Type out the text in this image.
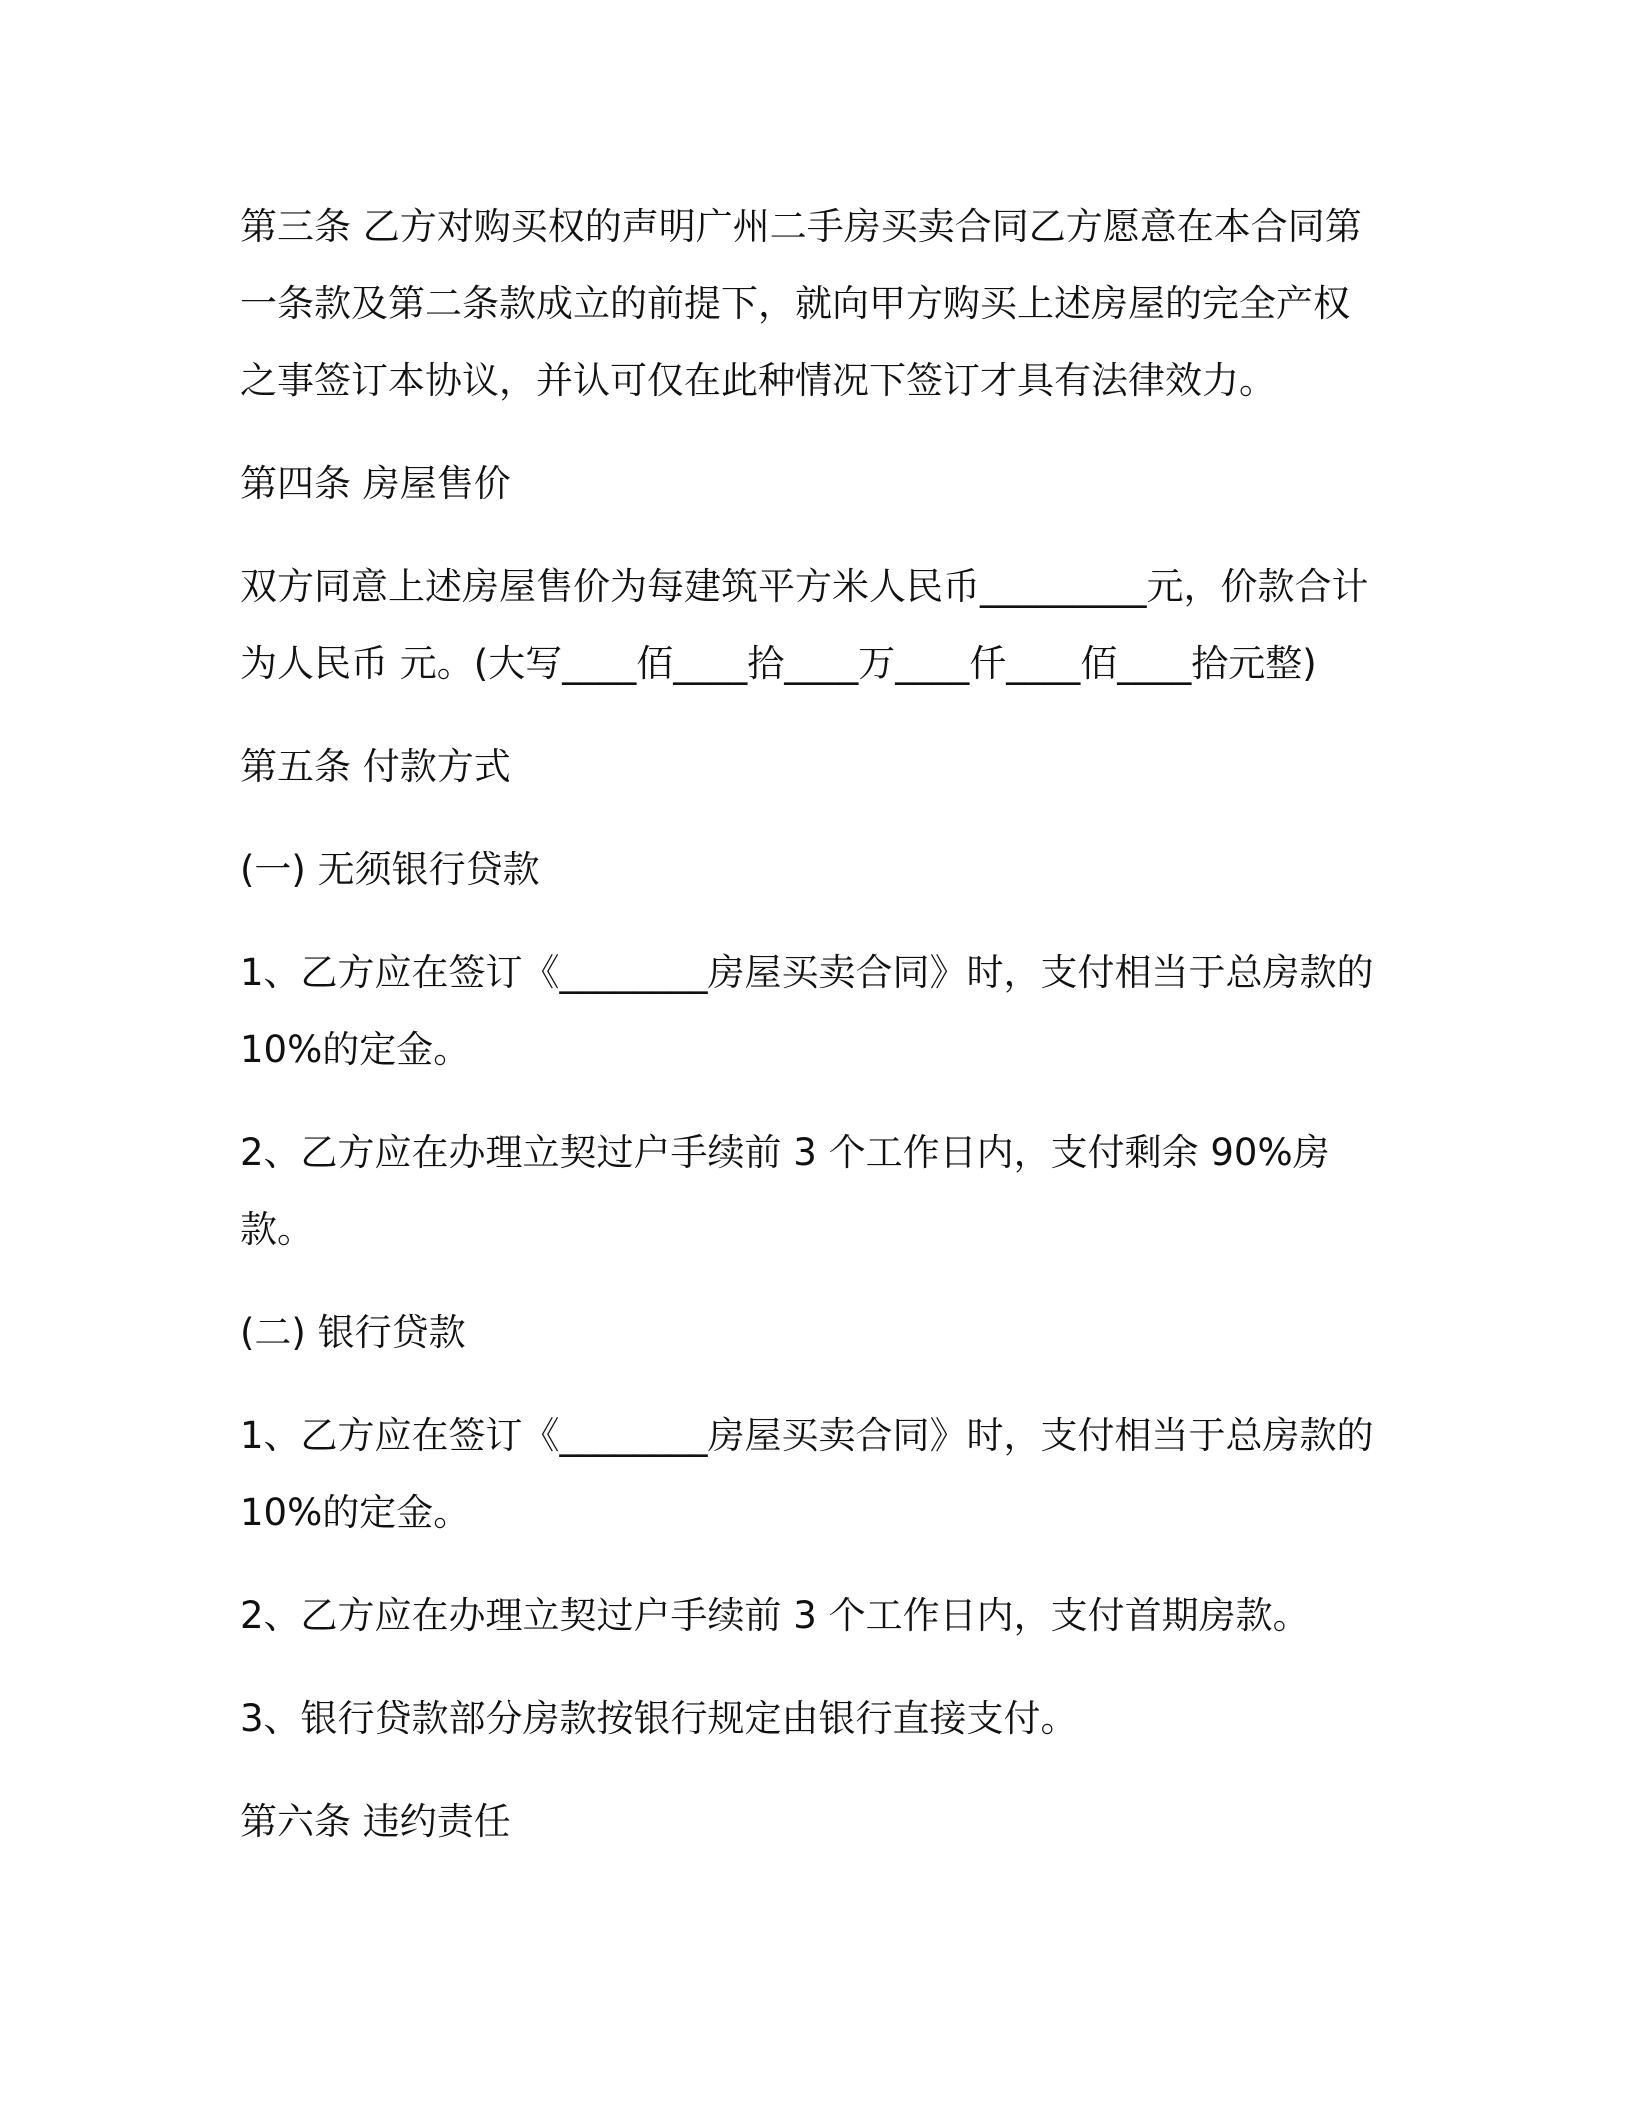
第三条 乙方对购买权的声明广州二手房买卖合同乙方愿意在本合同第一条款及第二条款成立的前提下，就向甲方购买上述房屋的完全产权之事签订本协议，并认可仅在此种情况下签订才具有法律效力。

第四条 房屋售价

双方同意上述房屋售价为每建筑平方米人民币_________元，价款合计为人民币 元。(大写____佰____拾____万____仟____佰____拾元整)

第五条 付款方式

(一) 无须银行贷款

1、乙方应在签订《________房屋买卖合同》时，支付相当于总房款的 10%的定金。

2、乙方应在办理立契过户手续前 3 个工作日内，支付剩余 90%房款。

(二) 银行贷款

1、乙方应在签订《________房屋买卖合同》时，支付相当于总房款的 10%的定金。

2、乙方应在办理立契过户手续前 3 个工作日内，支付首期房款。

3、银行贷款部分房款按银行规定由银行直接支付。

第六条 违约责任
